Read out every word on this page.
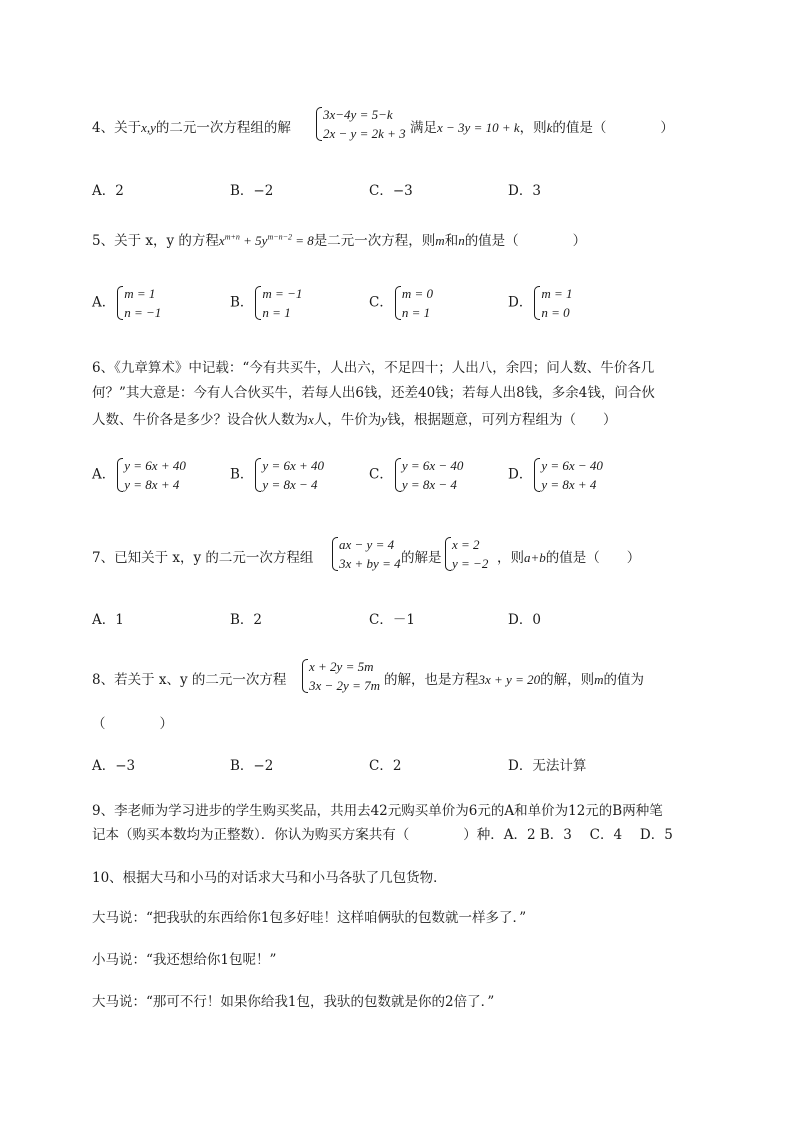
4、关于x,y的二元一次方程组的解
3x−4y = 5−k
2x − y = 2k + 3 满足x − 3y = 10 + k，则k的值是（　　　　）
A．2	B．−2	C．−3	D．3
5、关于 x，y 的方程$x^{m+n} + 5y^{m-n-2} = 8$是二元一次方程，则m和n的值是（　　　　）
A．
m = 1
n = −1
B．
m = −1
n = 1
C．
m = 0
n = 1
D．
m = 1
n = 0
6、《九章算术》中记载：“今有共买牛，人出六，不足四十；人出八，余四；问人数、牛价各几
何？”其大意是：今有人合伙买牛，若每人出6钱，还差40钱；若每人出8钱，多余4钱，问合伙
人数、牛价各是多少？设合伙人数为x人，牛价为y钱，根据题意，可列方程组为（　　）
A．
y = 6x + 40
y = 8x + 4
B．
y = 6x + 40
y = 8x − 4
C．
y = 6x − 40
y = 8x − 4
D．
y = 6x − 40
y = 8x + 4
7、已知关于 x，y 的二元一次方程组
ax − y = 4
3x + by = 4 的解是
x = 2
y = −2 ，则a+b的值是（　　）
A．1	B．2	C．－1	D．0
8、若关于 x、y 的二元一次方程
x + 2y = 5m
3x − 2y = 7m 的解，也是方程3x + y = 20的解，则m的值为
（　　　　）
A．−3	B．−2	C．2	D．无法计算
9、李老师为学习进步的学生购买奖品，共用去42元购买单价为6元的A和单价为12元的B两种笔
记本（购买本数均为正整数）．你认为购买方案共有（　　　　）种．A．2 B．3　 C．4　 D．5
10、根据大马和小马的对话求大马和小马各驮了几包货物．
大马说：“把我驮的东西给你1包多好哇！这样咱俩驮的包数就一样多了．”
小马说：“我还想给你1包呢！”
大马说：“那可不行！如果你给我1包，我驮的包数就是你的2倍了．”
